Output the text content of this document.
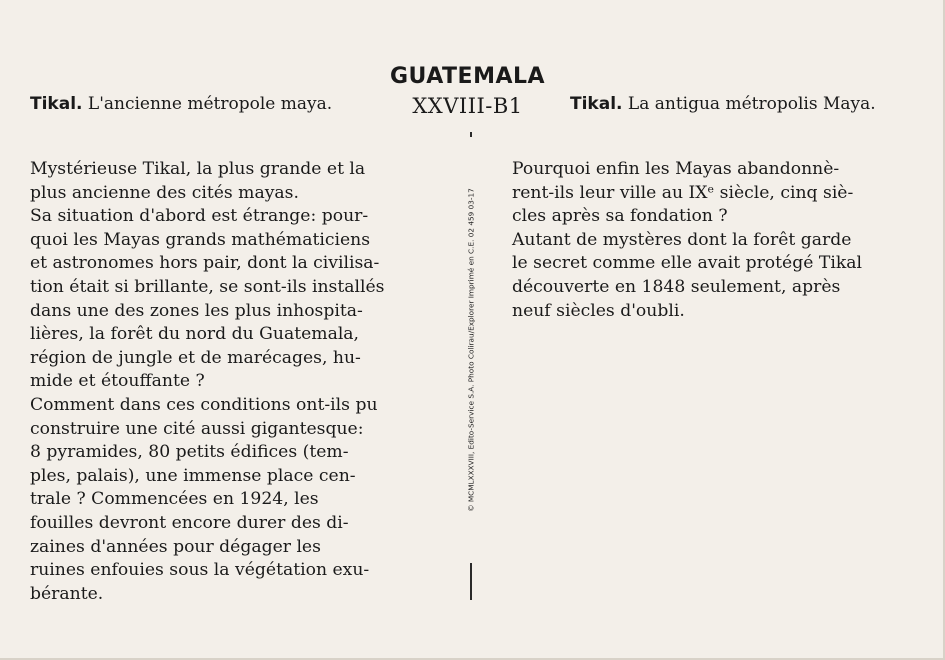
GUATEMALA
XXVIII-B1
Tikal. L'ancienne métropole maya.	Tikal. La antigua métropolis Maya.

Mystérieuse Tikal, la plus grande et la

plus ancienne des cités mayas.

Sa situation d'abord est étrange: pour-

quoi les Mayas grands mathématiciens

et astronomes hors pair, dont la civilisa-

tion était si brillante, se sont-ils installés

dans une des zones les plus inhospita-

lières, la forêt du nord du Guatemala,

région de jungle et de marécages, hu-

mide et étouffante ?

Comment dans ces conditions ont-ils pu

construire une cité aussi gigantesque:

8 pyramides, 80 petits édifices (tem-

ples, palais), une immense place cen-

trale ? Commencées en 1924, les

fouilles devront encore durer des di-

zaines d'années pour dégager les

ruines enfouies sous la végétation exu-

bérante.

© MCMLXXXVIII, Edito-Service S.A. Photo Colirau/Explorer Imprimé en C.E. 02 459 03-17

Pourquoi enfin les Mayas abandonnè-

rent-ils leur ville au IXᵉ siècle, cinq siè-

cles après sa fondation ?

Autant de mystères dont la forêt garde

le secret comme elle avait protégé Tikal

découverte en 1848 seulement, après

neuf siècles d'oubli.
